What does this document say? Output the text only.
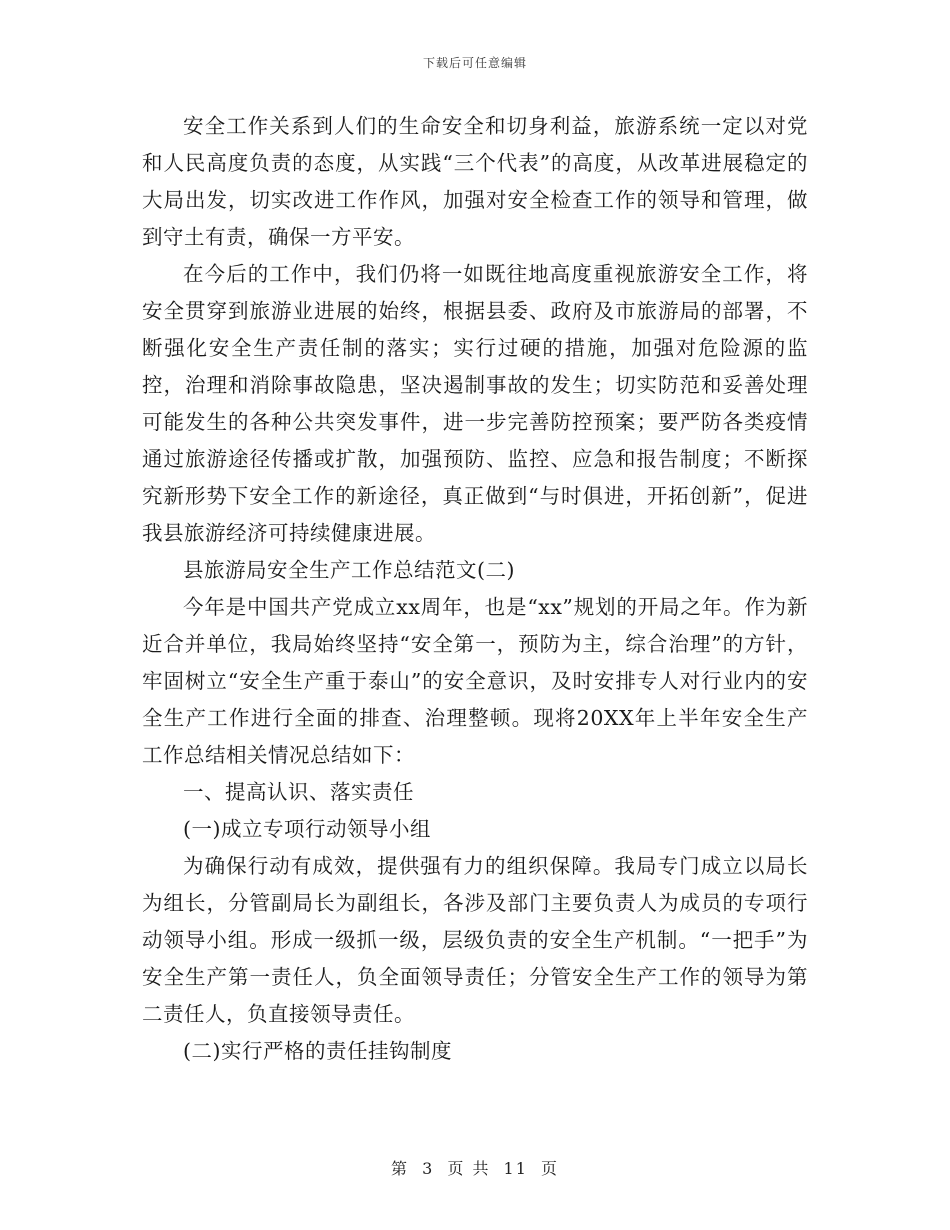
下载后可任意编辑

安全工作关系到人们的生命安全和切身利益，旅游系统一定以对党和人民高度负责的态度，从实践“三个代表”的高度，从改革进展稳定的大局出发，切实改进工作作风，加强对安全检查工作的领导和管理，做到守土有责，确保一方平安。

在今后的工作中，我们仍将一如既往地高度重视旅游安全工作，将安全贯穿到旅游业进展的始终，根据县委、政府及市旅游局的部署，不断强化安全生产责任制的落实；实行过硬的措施，加强对危险源的监控，治理和消除事故隐患，坚决遏制事故的发生；切实防范和妥善处理可能发生的各种公共突发事件，进一步完善防控预案；要严防各类疫情通过旅游途径传播或扩散，加强预防、监控、应急和报告制度；不断探究新形势下安全工作的新途径，真正做到“与时俱进，开拓创新”，促进我县旅游经济可持续健康进展。

县旅游局安全生产工作总结范文(二)

今年是中国共产党成立xx周年，也是“xx”规划的开局之年。作为新近合并单位，我局始终坚持“安全第一，预防为主，综合治理”的方针，牢固树立“安全生产重于泰山”的安全意识，及时安排专人对行业内的安全生产工作进行全面的排查、治理整顿。现将20XX年上半年安全生产工作总结相关情况总结如下：

一、提高认识、落实责任

(一)成立专项行动领导小组

为确保行动有成效，提供强有力的组织保障。我局专门成立以局长为组长，分管副局长为副组长，各涉及部门主要负责人为成员的专项行动领导小组。形成一级抓一级，层级负责的安全生产机制。“一把手”为安全生产第一责任人，负全面领导责任；分管安全生产工作的领导为第二责任人，负直接领导责任。

(二)实行严格的责任挂钩制度

第 3 页 共 11 页
